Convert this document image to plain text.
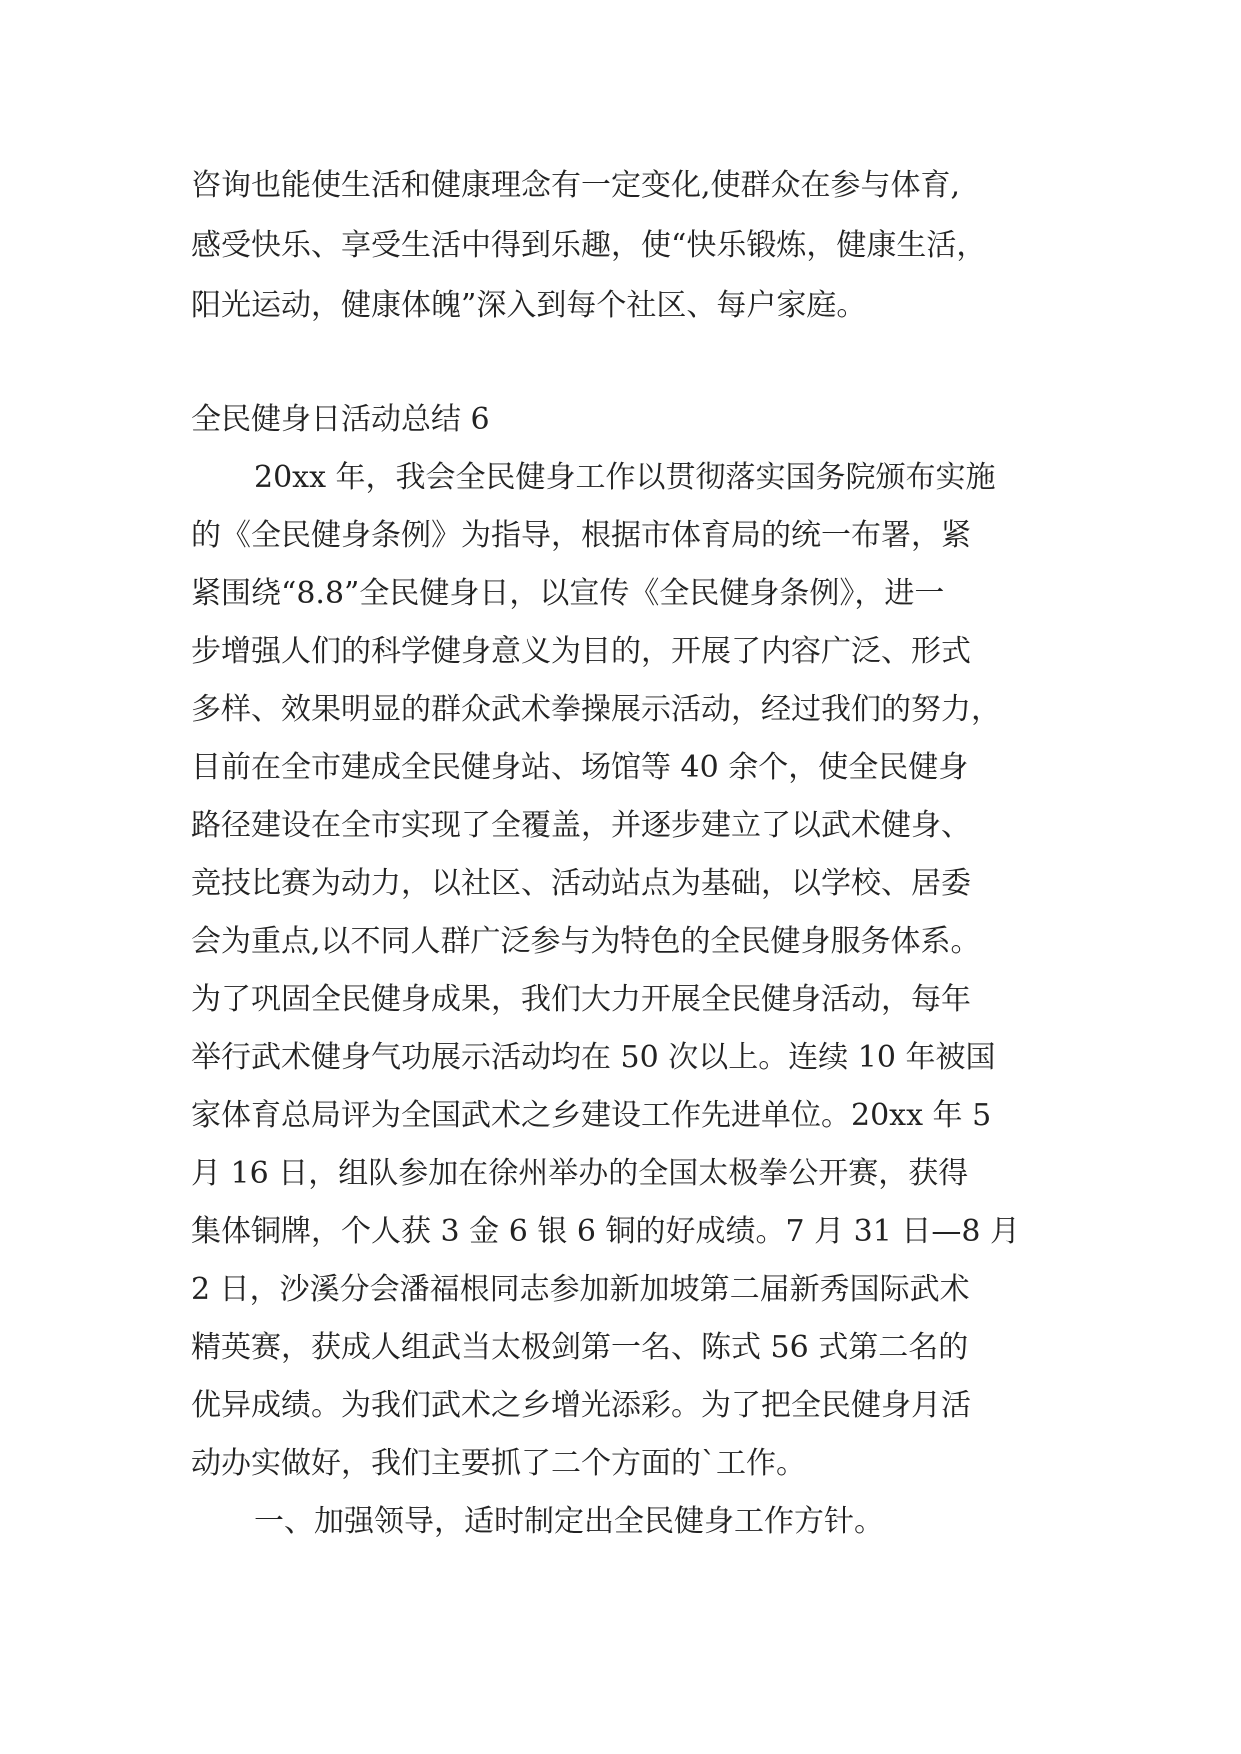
咨询也能使生活和健康理念有一定变化,使群众在参与体育,
感受快乐、享受生活中得到乐趣，使“快乐锻炼，健康生活，
阳光运动，健康体魄”深入到每个社区、每户家庭。
全民健身日活动总结 6
20xx 年，我会全民健身工作以贯彻落实国务院颁布实施
的《全民健身条例》为指导，根据市体育局的统一布署，紧
紧围绕“8.8”全民健身日，以宣传《全民健身条例》，进一
步增强人们的科学健身意义为目的，开展了内容广泛、形式
多样、效果明显的群众武术拳操展示活动，经过我们的努力，
目前在全市建成全民健身站、场馆等 40 余个，使全民健身
路径建设在全市实现了全覆盖，并逐步建立了以武术健身、
竞技比赛为动力，以社区、活动站点为基础，以学校、居委
会为重点,以不同人群广泛参与为特色的全民健身服务体系。
为了巩固全民健身成果，我们大力开展全民健身活动，每年
举行武术健身气功展示活动均在 50 次以上。连续 10 年被国
家体育总局评为全国武术之乡建设工作先进单位。20xx 年 5
月 16 日，组队参加在徐州举办的全国太极拳公开赛，获得
集体铜牌，个人获 3 金 6 银 6 铜的好成绩。7 月 31 日—8 月
2 日，沙溪分会潘福根同志参加新加坡第二届新秀国际武术
精英赛，获成人组武当太极剑第一名、陈式 56 式第二名的
优异成绩。为我们武术之乡增光添彩。为了把全民健身月活
动办实做好，我们主要抓了二个方面的`工作。
一、加强领导，适时制定出全民健身工作方针。
